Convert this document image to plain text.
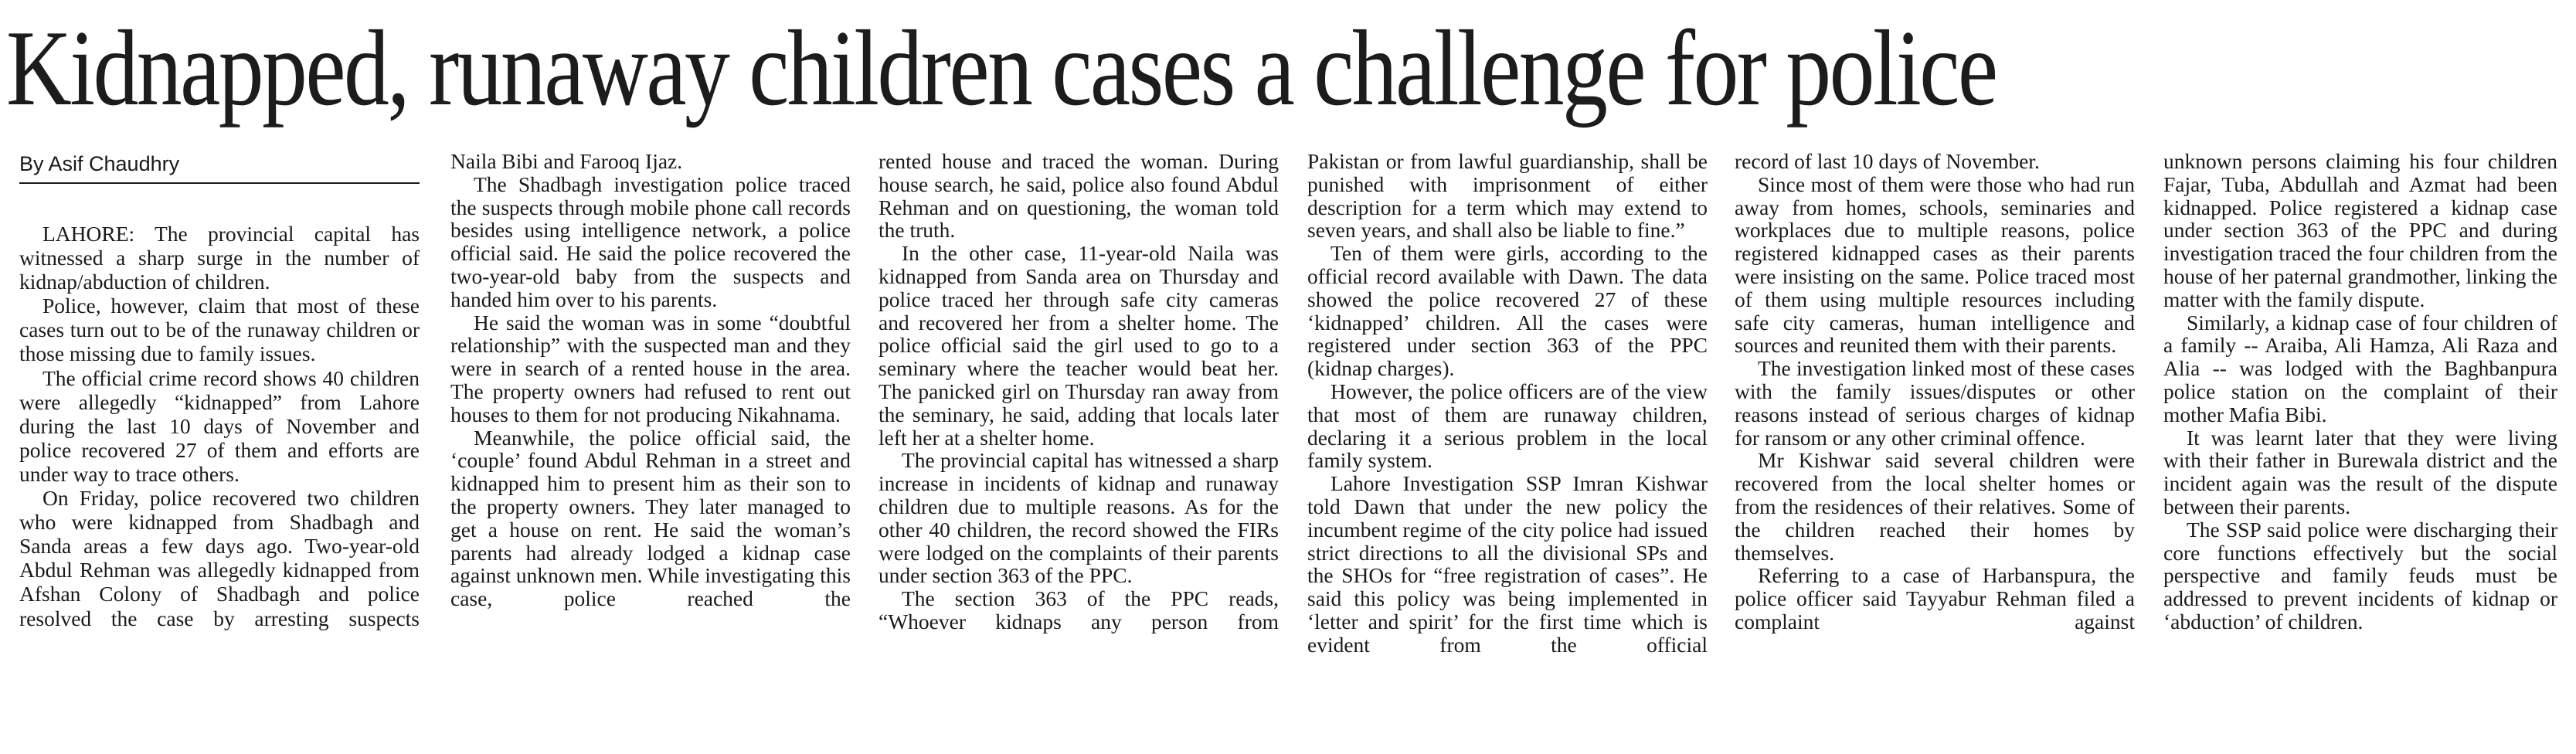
Kidnapped, runaway children cases a challenge for police
By Asif Chaudhry

LAHORE: The provincial capital has witnessed a sharp surge in the number of kidnap/abduction of children.

Police, however, claim that most of these cases turn out to be of the runaway children or those missing due to family issues.

The official crime record shows 40 children were allegedly “kidnapped” from Lahore during the last 10 days of November and police recovered 27 of them and efforts are under way to trace others.

On Friday, police recovered two children who were kidnapped from Shadbagh and Sanda areas a few days ago. Two-year-old Abdul Rehman was allegedly kidnapped from Afshan Colony of Shadbagh and police resolved the case by arresting suspects

Naila Bibi and Farooq Ijaz.

The Shadbagh investigation police traced the suspects through mobile phone call records besides using intelligence network, a police official said. He said the police recovered the two-year-old baby from the suspects and handed him over to his parents.

He said the woman was in some “doubtful relationship” with the suspected man and they were in search of a rented house in the area. The property owners had refused to rent out houses to them for not producing Nikahnama.

Meanwhile, the police official said, the ‘couple’ found Abdul Rehman in a street and kidnapped him to present him as their son to the property owners. They later managed to get a house on rent. He said the woman’s parents had already lodged a kidnap case against unknown men. While investigating this case, police reached the

rented house and traced the woman. During house search, he said, police also found Abdul Rehman and on questioning, the woman told the truth.

In the other case, 11-year-old Naila was kidnapped from Sanda area on Thursday and police traced her through safe city cameras and recovered her from a shelter home. The police official said the girl used to go to a seminary where the teacher would beat her. The panicked girl on Thursday ran away from the seminary, he said, adding that locals later left her at a shelter home.

The provincial capital has witnessed a sharp increase in incidents of kidnap and runaway children due to multiple reasons. As for the other 40 children, the record showed the FIRs were lodged on the complaints of their parents under section 363 of the PPC.

The section 363 of the PPC reads, “Whoever kidnaps any person from

Pakistan or from lawful guardianship, shall be punished with imprisonment of either description for a term which may extend to seven years, and shall also be liable to fine.”

Ten of them were girls, according to the official record available with Dawn. The data showed the police recovered 27 of these ‘kidnapped’ children. All the cases were registered under section 363 of the PPC (kidnap charges).

However, the police officers are of the view that most of them are runaway children, declaring it a serious problem in the local family system.

Lahore Investigation SSP Imran Kishwar told Dawn that under the new policy the incumbent regime of the city police had issued strict directions to all the divisional SPs and the SHOs for “free registration of cases”. He said this policy was being implemented in ‘letter and spirit’ for the first time which is evident from the official

record of last 10 days of November.

Since most of them were those who had run away from homes, schools, seminaries and workplaces due to multiple reasons, police registered kidnapped cases as their parents were insisting on the same. Police traced most of them using multiple resources including safe city cameras, human intelligence and sources and reunited them with their parents.

The investigation linked most of these cases with the family issues/disputes or other reasons instead of serious charges of kidnap for ransom or any other criminal offence.

Mr Kishwar said several children were recovered from the local shelter homes or from the residences of their relatives. Some of the children reached their homes by themselves.

Referring to a case of Harbanspura, the police officer said Tayyabur Rehman filed a complaint against

unknown persons claiming his four children Fajar, Tuba, Abdullah and Azmat had been kidnapped. Police registered a kidnap case under section 363 of the PPC and during investigation traced the four children from the house of her paternal grandmother, linking the matter with the family dispute.

Similarly, a kidnap case of four children of a family -- Araiba, Ali Hamza, Ali Raza and Alia -- was lodged with the Baghbanpura police station on the complaint of their mother Mafia Bibi.

It was learnt later that they were living with their father in Burewala district and the incident again was the result of the dispute between their parents.

The SSP said police were discharging their core functions effectively but the social perspective and family feuds must be addressed to prevent incidents of kidnap or ‘abduction’ of children.
